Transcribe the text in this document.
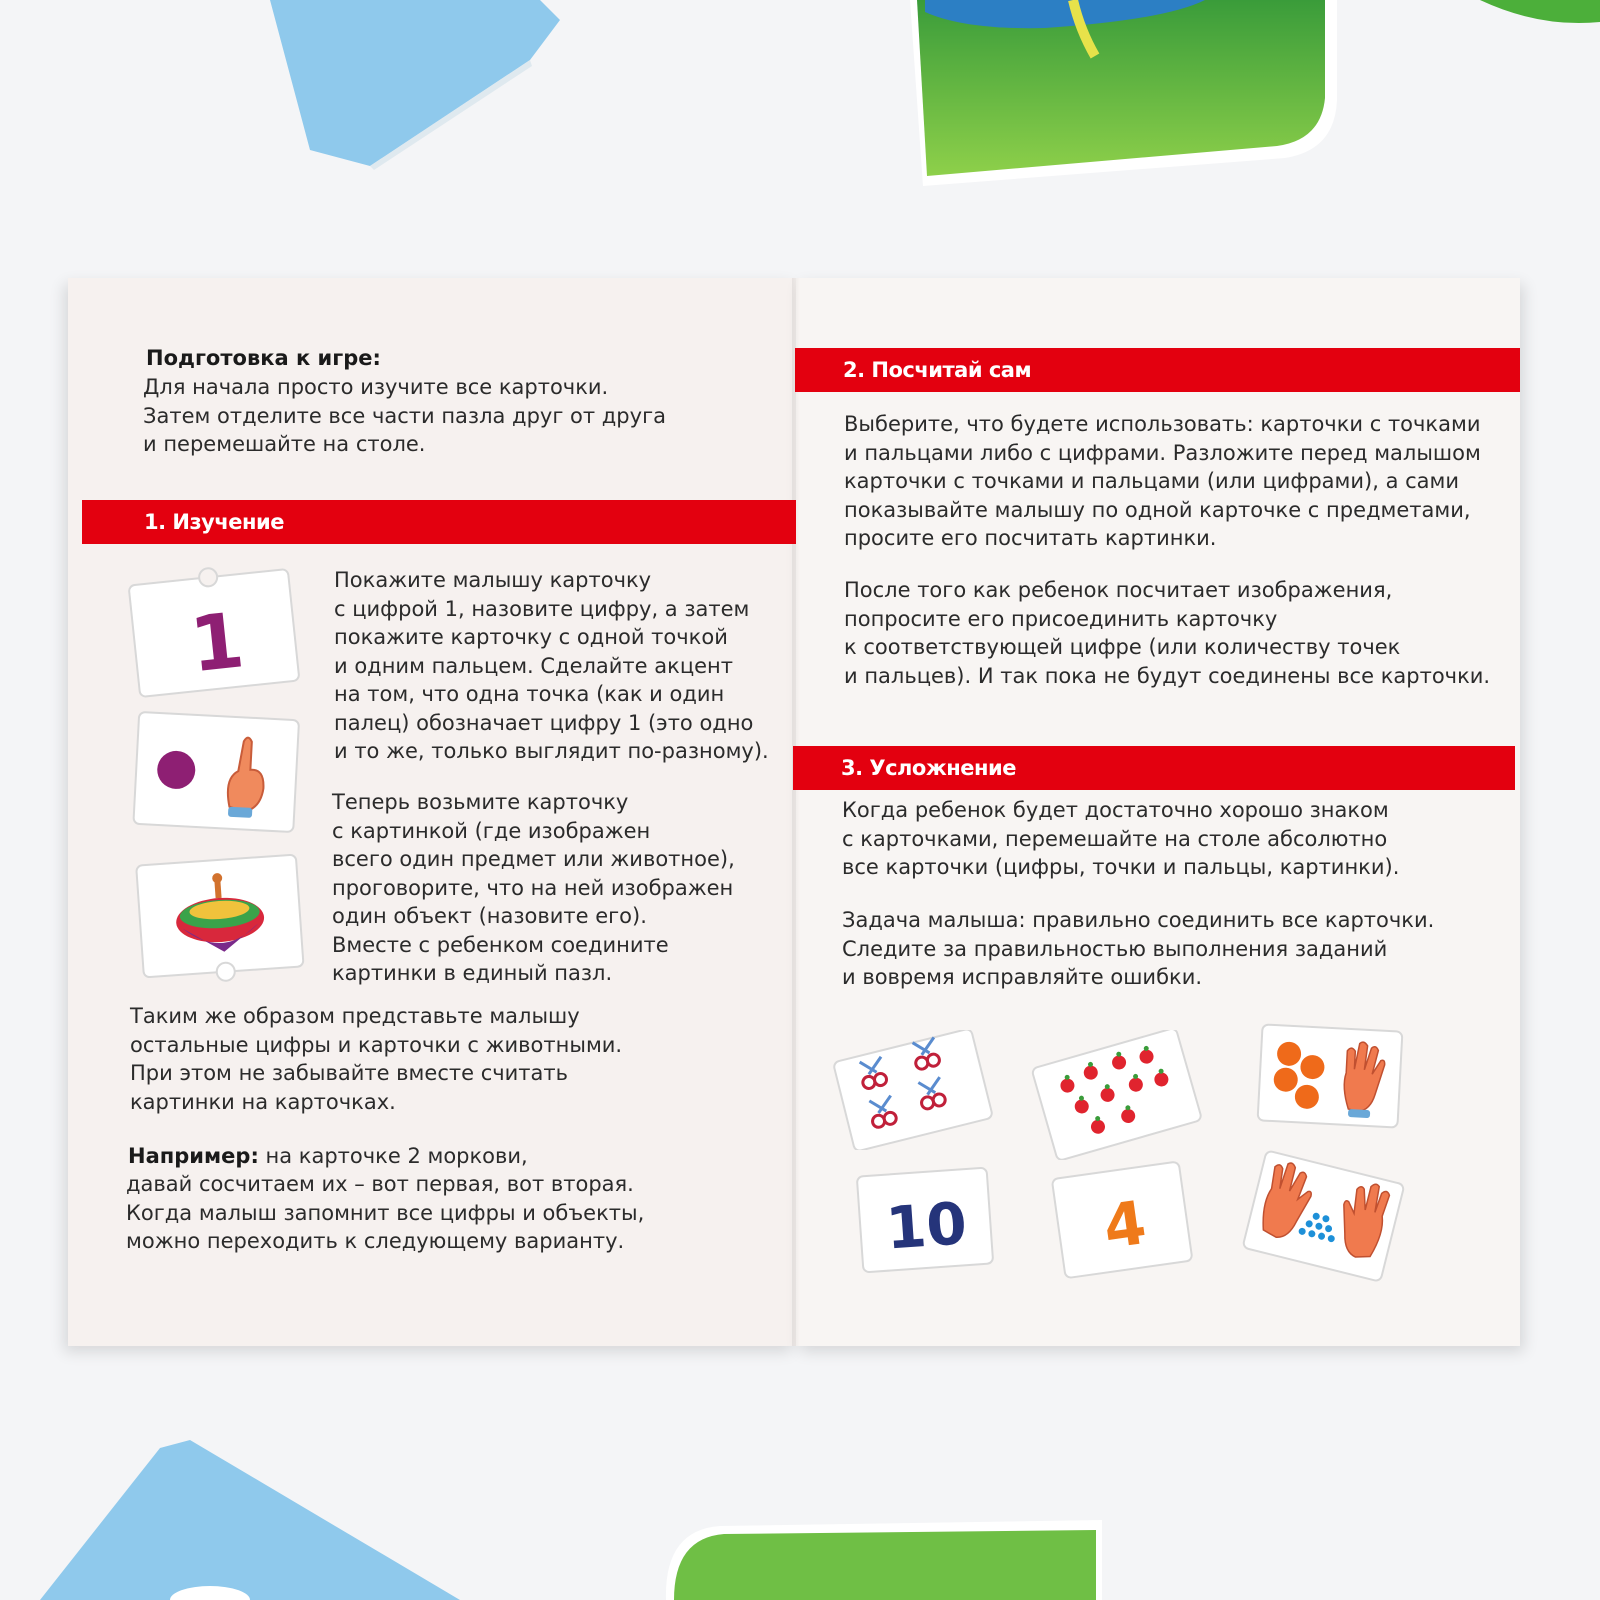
Подготовка к игре:
Для начала просто изучите все карточки.
Затем отделите все части пазла друг от друга
и перемешайте на столе.
1. Изучение
1
Покажите малышу карточку
с цифрой 1, назовите цифру, а затем
покажите карточку с одной точкой
и одним пальцем. Сделайте акцент
на том, что одна точка (как и один
палец) обозначает цифру 1 (это одно
и то же, только выглядит по-разному).
Теперь возьмите карточку
с картинкой (где изображен
всего один предмет или животное),
проговорите, что на ней изображен
один объект (назовите его).
Вместе с ребенком соедините
картинки в единый пазл.
Таким же образом представьте малышу
остальные цифры и карточки с животными.
При этом не забывайте вместе считать
картинки на карточках.
Например: на карточке 2 моркови,
давай сосчитаем их – вот первая, вот вторая.
Когда малыш запомнит все цифры и объекты,
можно переходить к следующему варианту.
2. Посчитай сам
Выберите, что будете использовать: карточки с точками
и пальцами либо с цифрами. Разложите перед малышом
карточки с точками и пальцами (или цифрами), а сами
показывайте малышу по одной карточке с предметами,
просите его посчитать картинки.
После того как ребенок посчитает изображения,
попросите его присоединить карточку
к соответствующей цифре (или количеству точек
и пальцев). И так пока не будут соединены все карточки.
3. Усложнение
Когда ребенок будет достаточно хорошо знаком
с карточками, перемешайте на столе абсолютно
все карточки (цифры, точки и пальцы, картинки).
Задача малыша: правильно соединить все карточки.
Следите за правильностью выполнения заданий
и вовремя исправляйте ошибки.
10 4
